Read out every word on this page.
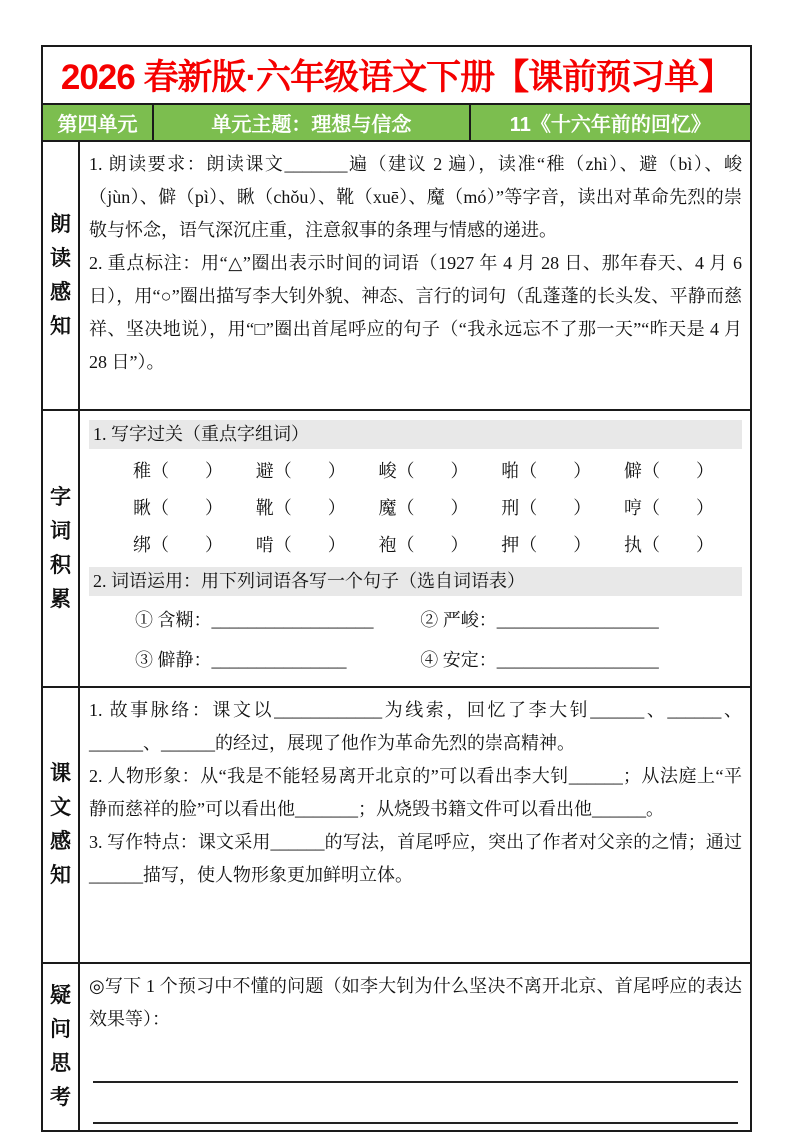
2026 春新版·六年级语文下册【课前预习单】
第四单元	单元主题：理想与信念	11《十六年前的回忆》
朗读感知

1. 朗读要求：朗读课文_______遍（建议 2 遍），读准“稚（zhì）、避（bì）、峻（jùn）、僻（pì）、瞅（chǒu）、靴（xuē）、魔（mó）”等字音，读出对革命先烈的崇敬与怀念，语气深沉庄重，注意叙事的条理与情感的递进。

2. 重点标注：用“△”圈出表示时间的词语（1927 年 4 月 28 日、那年春天、4 月 6 日），用“○”圈出描写李大钊外貌、神态、言行的词句（乱蓬蓬的长头发、平静而慈祥、坚决地说），用“□”圈出首尾呼应的句子（“我永远忘不了那一天”“昨天是 4 月 28 日”）。

字词积累
1. 写字过关（重点字组词）
稚（　　） 避（　　） 峻（　　） 啪（　　） 僻（　　）
瞅（　　） 靴（　　） 魔（　　） 刑（　　） 哼（　　）
绑（　　） 啃（　　） 袍（　　） 押（　　） 执（　　）
2. 词语运用：用下列词语各写一个句子（选自词语表）
① 含糊：__________________	② 严峻：__________________
③ 僻静：_______________	④ 安定：__________________
课文感知

1. 故事脉络：课文以____________为线索，回忆了李大钊______、______、______、______的经过，展现了他作为革命先烈的崇高精神。

2. 人物形象：从“我是不能轻易离开北京的”可以看出李大钊______；从法庭上“平静而慈祥的脸”可以看出他_______；从烧毁书籍文件可以看出他______。

3. 写作特点：课文采用______的写法，首尾呼应，突出了作者对父亲的之情；通过______描写，使人物形象更加鲜明立体。

疑问思考

◎写下 1 个预习中不懂的问题（如李大钊为什么坚决不离开北京、首尾呼应的表达效果等）：
